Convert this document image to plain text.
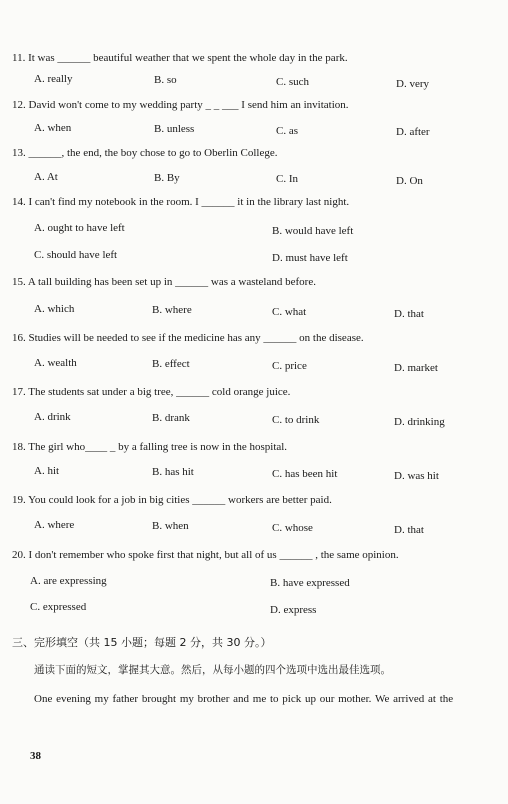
11. It was ______ beautiful weather that we spent the whole day in the park.
A. really	B. so	C. such	D. very
12. David won't come to my wedding party _ _ ___ I send him an invitation.
A. when	B. unless	C. as	D. after
13. ______, the end, the boy chose to go to Oberlin College.
A. At	B. By	C. In	D. On
14. I can't find my notebook in the room. I ______ it in the library last night.
A. ought to have left	B. would have left
C. should have left	D. must have left
15. A tall building has been set up in ______ was a wasteland before.
A. which	B. where	C. what	D. that
16. Studies will be needed to see if the medicine has any ______ on the disease.
A. wealth	B. effect	C. price	D. market
17. The students sat under a big tree, ______ cold orange juice.
A. drink	B. drank	C. to drink	D. drinking
18. The girl who____ _ by a falling tree is now in the hospital.
A. hit	B. has hit	C. has been hit	D. was hit
19. You could look for a job in big cities ______ workers are better paid.
A. where	B. when	C. whose	D. that
20. I don't remember who spoke first that night, but all of us ______ , the same opinion.
A. are expressing	B. have expressed
C. expressed	D. express
三、完形填空（共 15 小题；每题 2 分，共 30 分。）
通读下面的短文，掌握其大意。然后，从每小题的四个选项中选出最佳选项。
One evening my father brought my brother and me to pick up our mother. We arrived at the
38
